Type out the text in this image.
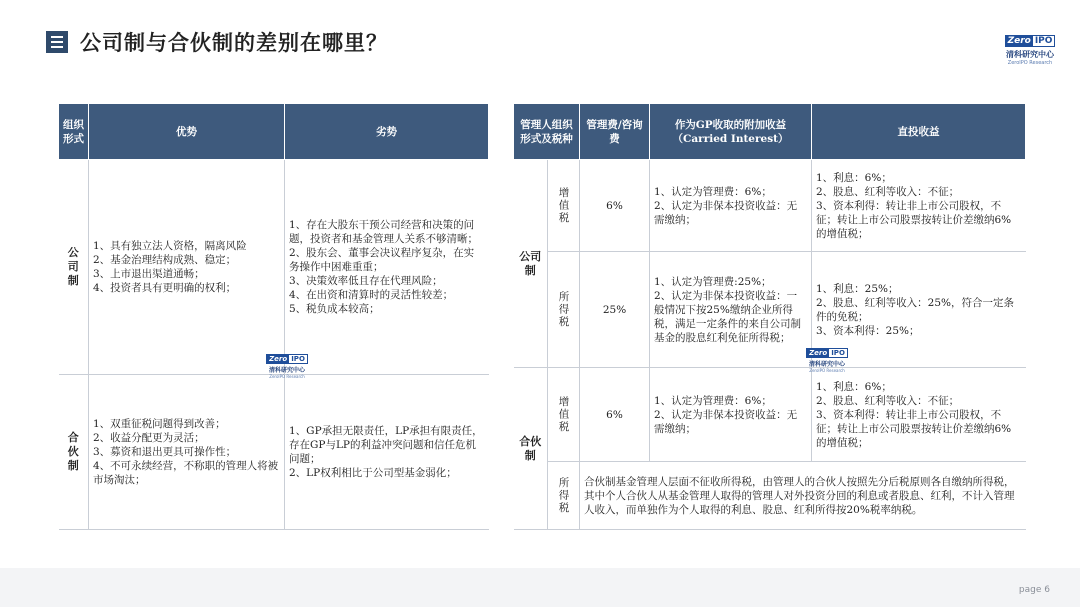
公司制与合伙制的差别在哪里？	Zero IPO
清科研究中心
ZeroIPO Research
组织形式	优势	劣势
公司制	1、具有独立法人资格，隔离风险
2、基金治理结构成熟、稳定；
3、上市退出渠道通畅；
4、投资者具有更明确的权利；	1、存在大股东干预公司经营和决策的问题，投资者和基金管理人关系不够清晰；
2、股东会、董事会决议程序复杂，在实务操作中困难重重；
3、决策效率低且存在代理风险；
4、在出资和清算时的灵活性较差；
5、税负成本较高；
合伙制	1、双重征税问题得到改善；
2、收益分配更为灵活；
3、募资和退出更具可操作性；
4、不可永续经营，不称职的管理人将被市场淘汰；	1、GP承担无限责任，LP承担有限责任，存在GP与LP的利益冲突问题和信任危机问题；
2、LP权利相比于公司型基金弱化；
Zero IPO
清科研究中心
ZeroIPO Research
管理人组织形式及税种		管理费/咨询费	作为GP收取的附加收益
（Carried Interest）	直投收益
公司制	增值税	6%	1、认定为管理费：6%；
2、认定为非保本投资收益：无需缴纳；	1、利息：6%；
2、股息、红利等收入：不征；
3、资本利得：转让非上市公司股权，不征；转让上市公司股票按转让价差缴纳6%的增值税；

	所得税	25%	1、认定为管理费:25%；
2、认定为非保本投资收益：一般情况下按25%缴纳企业所得税，满足一定条件的来自公司制基金的股息红利免征所得税；	1、利息：25%；
2、股息、红利等收入：25%，符合一定条件的免税；
3、资本利得：25%；
合伙制	增值税	6%	1、认定为管理费：6%；
2、认定为非保本投资收益：无需缴纳；	1、利息：6%；
2、股息、红利等收入：不征；
3、资本利得：转让非上市公司股权，不征；转让上市公司股票按转让价差缴纳6%的增值税；

	所得税	合伙制基金管理人层面不征收所得税，由管理人的合伙人按照先分后税原则各自缴纳所得税，其中个人合伙人从基金管理人取得的管理人对外投资分回的利息或者股息、红利，不计入管理人收入，而单独作为个人取得的利息、股息、红利所得按20%税率纳税。		
Zero IPO
清科研究中心
ZeroIPO Research
page 6
